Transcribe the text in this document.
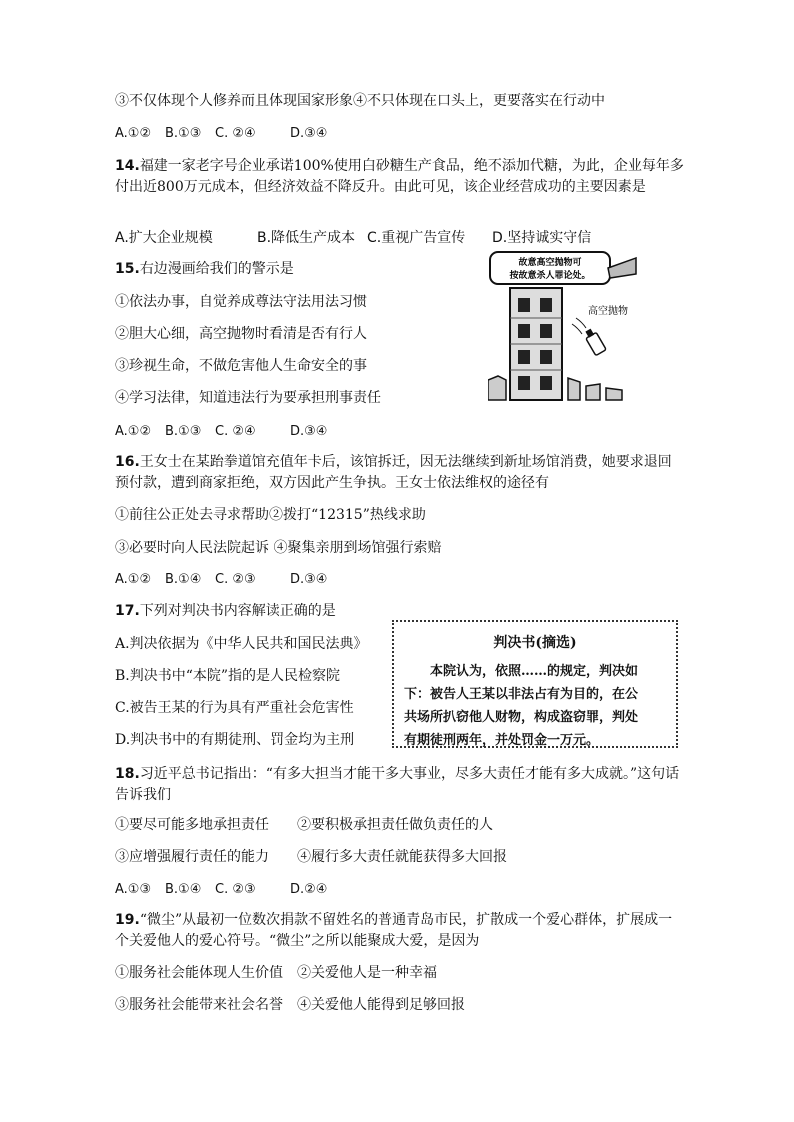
③不仅体现个人修养而且体现国家形象④不只体现在口头上，更要落实在行动中
A.①② B.①③ C. ②④	D.③④
14.福建一家老字号企业承诺100%使用白砂糖生产食品，绝不添加代糖，为此，企业每年多付出近800万元成本，但经济效益不降反升。由此可见，该企业经营成功的主要因素是
A.扩大企业规模	B.降低生产成本 C.重视广告宣传 D.坚持诚实守信
15.右边漫画给我们的警示是
①依法办事，自觉养成尊法守法用法习惯
②胆大心细，高空抛物时看清是否有行人
③珍视生命，不做危害他人生命安全的事
④学习法律，知道违法行为要承担刑事责任
A.①② B.①③ C. ②④	D.③④
故意高空抛物可
按故意杀人罪论处。
高空抛物
16.王女士在某跆拳道馆充值年卡后，该馆拆迁，因无法继续到新址场馆消费，她要求退回预付款，遭到商家拒绝，双方因此产生争执。王女士依法维权的途径有
①前往公正处去寻求帮助②拨打“12315”热线求助
③必要时向人民法院起诉 ④聚集亲朋到场馆强行索赔
A.①② B.①④ C. ②③	D.③④
17.下列对判决书内容解读正确的是
A.判决依据为《中华人民共和国民法典》
B.判决书中“本院”指的是人民检察院
C.被告王某的行为具有严重社会危害性
D.判决书中的有期徒刑、罚金均为主刑
判决书(摘选)
本院认为，依照……的规定，判决如
下：被告人王某以非法占有为目的，在公
共场所扒窃他人财物，构成盗窃罪，判处
有期徒刑两年，并处罚金一万元。
18.习近平总书记指出：“有多大担当才能干多大事业，尽多大责任才能有多大成就。”这句话告诉我们
①要尽可能多地承担责任　　②要积极承担责任做负责任的人
③应增强履行责任的能力　　④履行多大责任就能获得多大回报
A.①③ B.①④ C. ②③	D.②④
19.“微尘”从最初一位数次捐款不留姓名的普通青岛市民，扩散成一个爱心群体，扩展成一个关爱他人的爱心符号。“微尘”之所以能聚成大爱，是因为
①服务社会能体现人生价值　②关爱他人是一种幸福
③服务社会能带来社会名誉　④关爱他人能得到足够回报
